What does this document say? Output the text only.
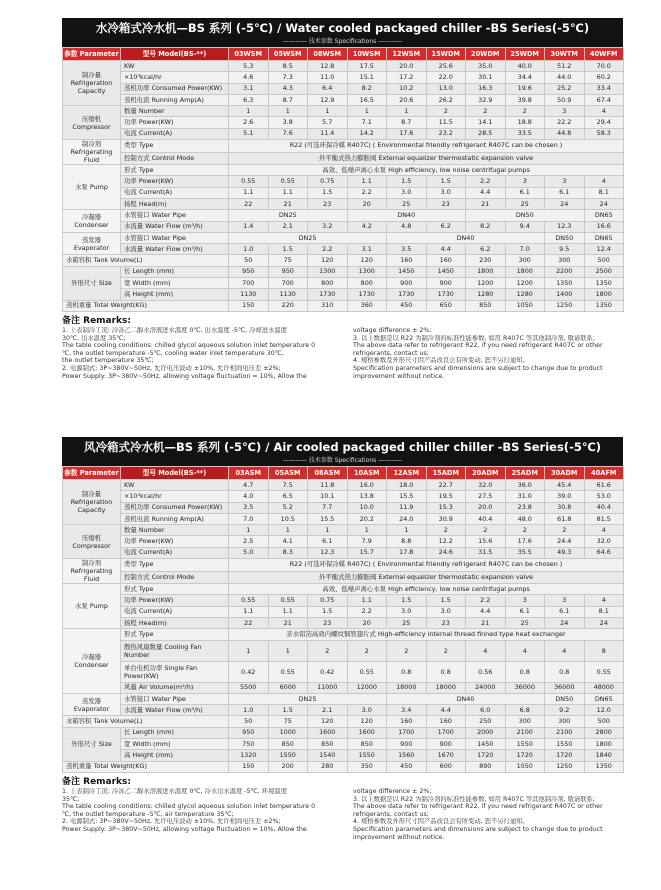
水冷箱式冷水机—BS 系列 (-5℃) / Water cooled packaged chiller -BS Series(-5℃)
———— 技术参数 Specifications ————
参数 Parameter	型号 Model(BS-**)	03WSM	05WSM	08WSM	10WSM	12WSM	15WDM	20WDM	25WDM	30WTM	40WFM
制冷量 Refrigeration Capacity	KW	5.3	8.5	12.8	17.5	20.0	25.6	35.0	40.0	51.2	70.0
	×10³kcal/hr	4.6	7.3	11.0	15.1	17.2	22.0	30.1	34.4	44.0	60.2
	蒸机功率 Consumed Power(KW)	3.1	4.3	6.4	8.2	10.2	13.0	16.3	19.6	25.2	33.4
	蒸机电流 Running Amp(A)	6.3	8.7	12.9	16.5	20.6	26.2	32.9	39.8	50.9	67.4
压缩机 Compressor	数量 Number	1	1	1	1	1	2	2	2	3	4
	功率 Power(KW)	2.6	3.8	5.7	7.1	8.7	11.5	14.1	18.8	22.2	29.4
	电流 Current(A)	5.1	7.6	11.4	14.2	17.6	23.2	28.5	33.5	44.8	58.3
制冷剂 Refrigerating Fluid	类型 Type	R22 (可选环保冷媒 R407C) ( Environmental friendly refrigerant R407C can be chosen )									
	控制方式 Control Mode	外平衡式热力膨胀阀 External equalizer thermostatic expansion valve									
水泵 Pump	形式 Type	高效、低噪声离心水泵 High efficiency, low noise centrifugal pumps									
	功率 Power(KW)	0.55	0.55	0.75	1.1	1.5	1.5	2.2	3	3	4
	电流 Current(A)	1.1	1.1	1.5	2.2	3.0	3.0	4.4	6.1	6.1	8.1
	扬程 Head(m)	22	21	23	20	25	23	21	25	24	24
冷凝器 Condenser	水管接口 Water Pipe	DN25			DN40			DN50			DN65
	水流量 Water Flow (m³/h)	1.4	2.1	3.2	4.2	4.8	6.2	8.2	9.4	12.3	16.6
蒸发器 Evaporator	水管接口 Water Pipe	DN25				DN40				DN50	DN65
	水流量 Water Flow (m³/h)	1.0	1.5	2.2	3.1	3.5	4.4	6.2	7.0	9.5	12.4
水箱容积 Tank Volume(L)		50	75	120	120	160	160	230	300	300	500
外形尺寸 Size	长 Length (mm)	950	950	1300	1300	1450	1450	1800	1800	2200	2500
	宽 Width (mm)	700	700	800	800	900	900	1200	1200	1350	1350
	高 Height (mm)	1130	1130	1730	1730	1730	1730	1280	1280	1400	1800
蒸机重量 Total Weight(KG)		150	220	310	360	450	650	850	1050	1250	1350
备注 Remarks:
1. 上表制冷工况: 冷冻乙二醇水溶液进水温度 0℃, 出水温度 -5℃, 冷却进水温度
30℃, 出水温度 35℃;
The table cooling conditions: chilled glycol aqueous solution inlet temperature 0
℃, the outlet temperature -5℃, cooling water inlet temperature 30℃,
the outlet temperature 35℃;
2. 电源制式: 3P~380V~50Hz, 允许电压波动 ±10%, 允许相间电压差 ±2%;
Power Supply: 3P~380V~50Hz, allowing voltage fluctuation = 10%, Allow the
voltage difference ± 2%;
3. 以上数据是以 R22 为制冷剂的标准性能参数, 如用 R407C 等其他制冷剂, 敬请联系;
The above data refer to refrigerant R22, if you need refrigerant R407C or other
refrigerants, contact us;
4. 规格参数及外形尺寸因产品改良会有所变动, 恕不另行通知。
Specification parameters and dimensions are subject to change due to product
improvement without notice.
风冷箱式冷水机—BS 系列 (-5℃) / Air cooled packaged chiller chiller -BS Series(-5℃)
———— 技术参数 Specifications ————
参数 Parameter	型号 Model(BS-**)	03ASM	05ASM	08ASM	10ASM	12ASM	15ADM	20ADM	25ADM	30ADM	40AFM
制冷量 Refrigeration Capacity	KW	4.7	7.5	11.8	16.0	18.0	22.7	32.0	36.0	45.4	61.6
	×10³kcal/hr	4.0	6.5	10.1	13.8	15.5	19.5	27.5	31.0	39.0	53.0
	蒸机功率 Consumed Power(KW)	3.5	5.2	7.7	10.0	11.9	15.3	20.0	23.8	30.8	40.4
	蒸机电流 Running Amp(A)	7.0	10.5	15.5	20.2	24.0	30.9	40.4	48.0	61.8	81.5
压缩机 Compressor	数量 Number	1	1	1	1	1	2	2	2	2	4
	功率 Power(KW)	2.5	4.1	6.1	7.9	8.8	12.2	15.6	17.6	24.4	32.0
	电流 Current(A)	5.0	8.3	12.3	15.7	17.8	24.6	31.5	35.5	49.3	64.6
制冷剂 Refrigerating Fluid	类型 Type	R22 (可选环保冷媒 R407C) ( Environmental friendly refrigerant R407C can be chosen )									
	控制方式 Control Mode	外平衡式热力膨胀阀 External equalizer thermostatic expansion valve									
水泵 Pump	形式 Type	高效、低噪声离心水泵 High efficiency, low noise centrifugal pumps									
	功率 Power(KW)	0.55	0.55	0.75	1.1	1.5	1.5	2.2	3	3	4
	电流 Current(A)	1.1	1.1	1.5	2.2	3.0	3.0	4.4	6.1	6.1	8.1
	扬程 Head(m)	22	21	23	20	25	23	21	25	24	24
冷凝器 Condenser	形式 Type	亲水铝箔高效内螺纹铜管翅片式 High-efficiency internal thread finned type heat exchanger									
	散热风扇数量 Cooling Fan Number	1	1	2	2	2	2	4	4	4	8
	单台电机功率 Single Fan Power(KW)	0.42	0.55	0.42	0.55	0.8	0.8	0.56	0.8	0.8	0.55
	风量 Air Volume(m³/h)	5500	6000	11000	12000	18000	18000	24000	36000	36000	48000
蒸发器 Evaporator	水管接口 Water Pipe	DN25				DN40				DN50	DN65
	水流量 Water Flow (m³/h)	1.0	1.5	2.1	3.0	3.4	4.4	6.0	6.8	9.2	12.0
水箱容积 Tank Volume(L)		50	75	120	120	160	160	250	300	300	500
外形尺寸 Size	长 Length (mm)	950	1000	1600	1600	1700	1700	2000	2100	2100	2800
	宽 Width (mm)	750	850	850	850	900	900	1450	1550	1550	1800
	高 Height (mm)	1320	1550	1540	1550	1560	1670	1720	1720	1720	1840
蒸机重量 Total Weight(KG)		150	200	280	350	450	600	890	1050	1250	1350
备注 Remarks:
1. 上表制冷工况: 冷冻乙二醇水溶液进水温度 0℃, 冷水出水温度 -5℃, 环境温度
35℃;
The table cooling conditions: chilled glycol aqueous solution inlet temperature 0
℃, the outlet temperature -5℃, air temperature 35℃;
2. 电源制式: 3P~380V~50Hz, 允许电压波动 ±10%, 允许相间电压差 ±2%;
Power Supply: 3P~380V~50Hz, allowing voltage fluctuation = 10%, Allow the
voltage difference ± 2%;
3. 以上数据是以 R22 为制冷剂的标准性能参数, 如用 R407C 等其他制冷剂, 敬请联系;
The above data refer to refrigerant R22, if you need refrigerant R407C or other
refrigerants, contact us;
4. 规格参数及外形尺寸因产品改良会有所变动, 恕不另行通知。
Specification parameters and dimensions are subject to change due to product
improvement without notice.
